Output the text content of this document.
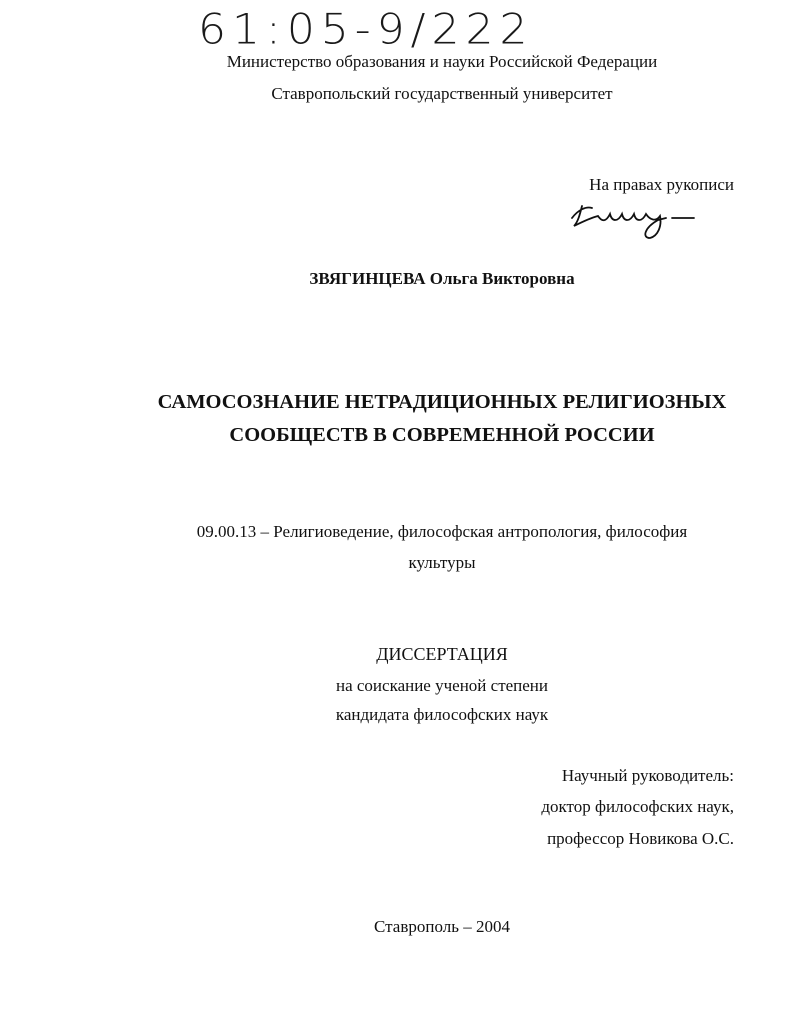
61:05-9/222
Министерство образования и науки Российской Федерации
Ставропольский государственный университет
На правах рукописи
ЗВЯГИНЦЕВА Ольга Викторовна
САМОСОЗНАНИЕ НЕТРАДИЦИОННЫХ РЕЛИГИОЗНЫХ
СООБЩЕСТВ В СОВРЕМЕННОЙ РОССИИ
09.00.13 – Религиоведение, философская антропология, философия
культуры
ДИССЕРТАЦИЯ
на соискание ученой степени
кандидата философских наук
Научный руководитель:
доктор философских наук,
профессор Новикова О.С.
Ставрополь – 2004
